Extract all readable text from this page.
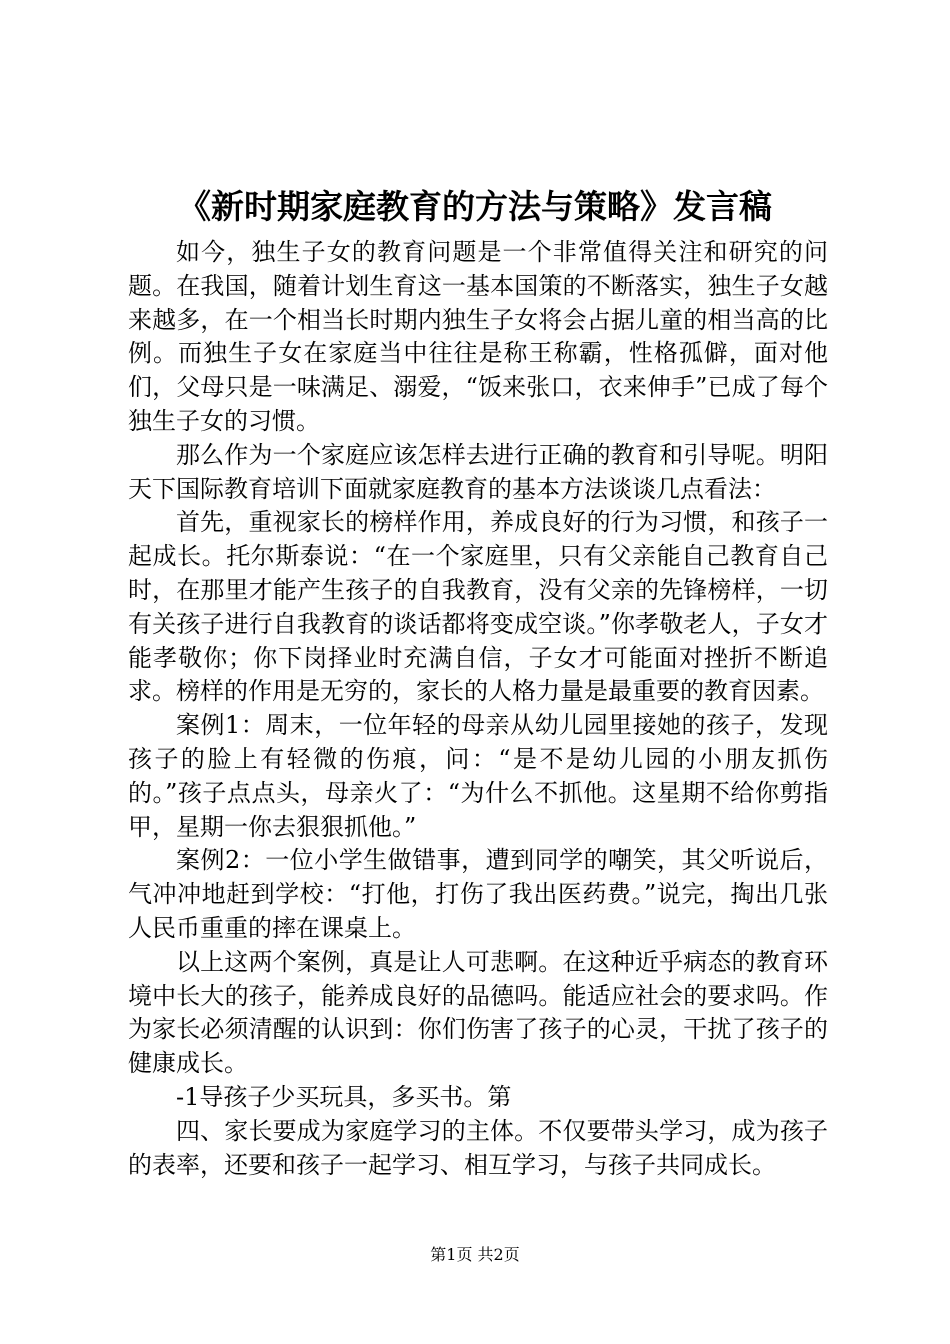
《新时期家庭教育的方法与策略》发言稿

如今，独生子女的教育问题是一个非常值得关注和研究的问题。在我国，随着计划生育这一基本国策的不断落实，独生子女越来越多，在一个相当长时期内独生子女将会占据儿童的相当高的比例。而独生子女在家庭当中往往是称王称霸，性格孤僻，面对他们，父母只是一味满足、溺爱，“饭来张口，衣来伸手”已成了每个独生子女的习惯。

那么作为一个家庭应该怎样去进行正确的教育和引导呢。明阳天下国际教育培训下面就家庭教育的基本方法谈谈几点看法：

首先，重视家长的榜样作用，养成良好的行为习惯，和孩子一起成长。托尔斯泰说：“在一个家庭里，只有父亲能自己教育自己时，在那里才能产生孩子的自我教育，没有父亲的先锋榜样，一切有关孩子进行自我教育的谈话都将变成空谈。”你孝敬老人，子女才能孝敬你；你下岗择业时充满自信，子女才可能面对挫折不断追求。榜样的作用是无穷的，家长的人格力量是最重要的教育因素。

案例1：周末，一位年轻的母亲从幼儿园里接她的孩子，发现孩子的脸上有轻微的伤痕，问：“是不是幼儿园的小朋友抓伤的。”孩子点点头，母亲火了：“为什么不抓他。这星期不给你剪指甲，星期一你去狠狠抓他。”

案例2：一位小学生做错事，遭到同学的嘲笑，其父听说后，气冲冲地赶到学校：“打他，打伤了我出医药费。”说完，掏出几张人民币重重的摔在课桌上。

以上这两个案例，真是让人可悲啊。在这种近乎病态的教育环境中长大的孩子，能养成良好的品德吗。能适应社会的要求吗。作为家长必须清醒的认识到：你们伤害了孩子的心灵，干扰了孩子的健康成长。

-1导孩子少买玩具，多买书。第

四、家长要成为家庭学习的主体。不仅要带头学习，成为孩子的表率，还要和孩子一起学习、相互学习，与孩子共同成长。

第1页 共2页
